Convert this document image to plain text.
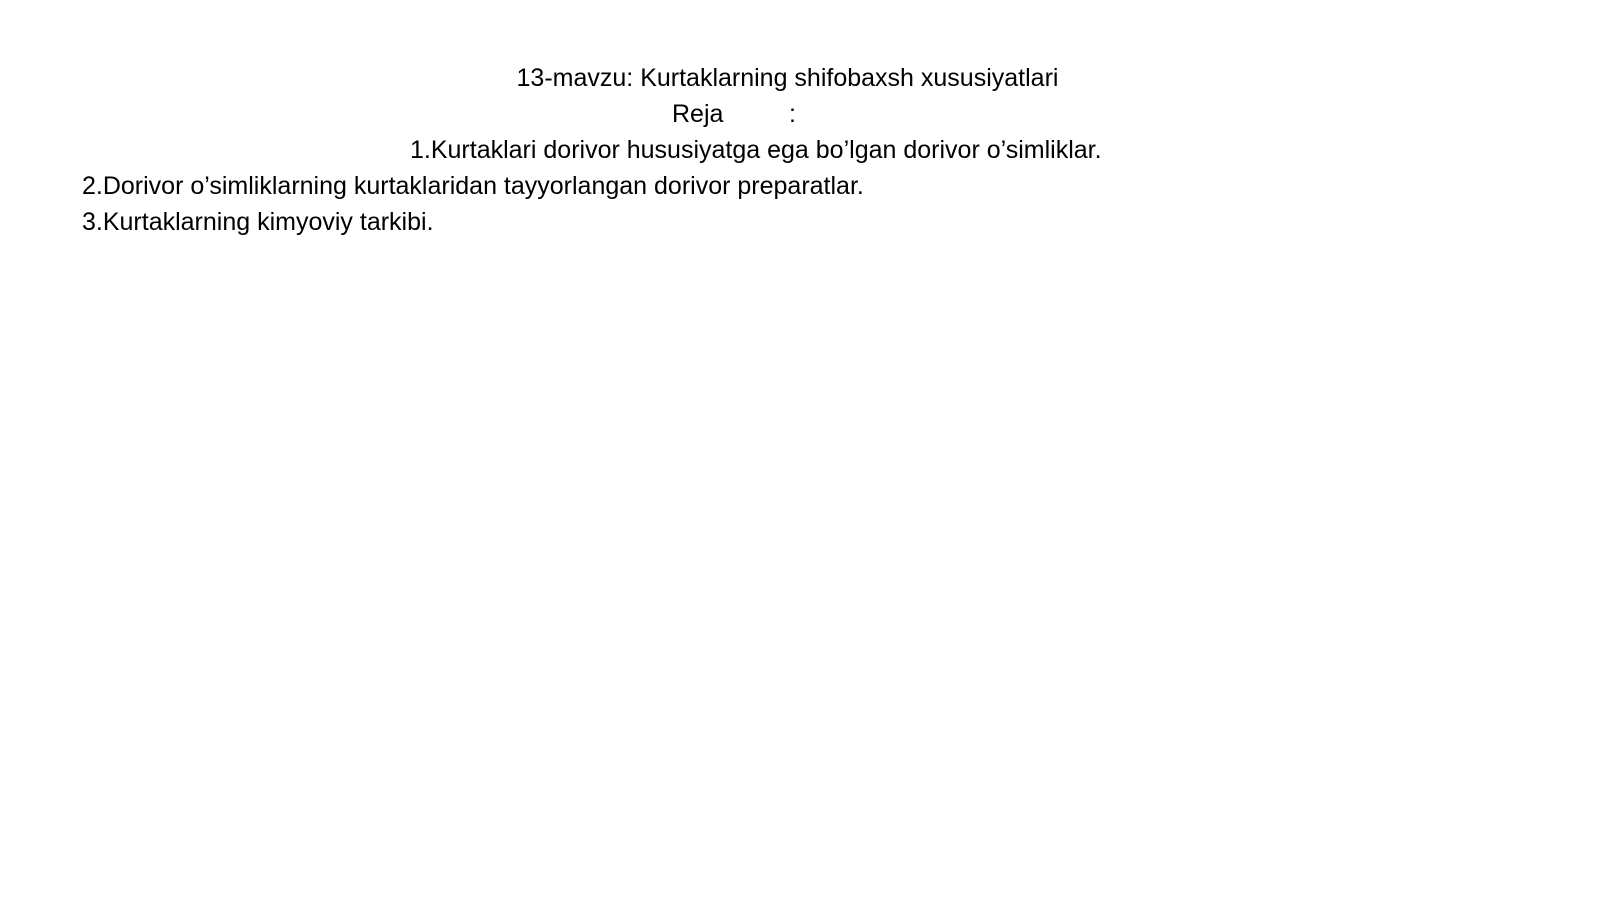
13-mavzu: Kurtaklarning shifobaxsh xususiyatlari
Reja	:
1.Kurtaklari dorivor hususiyatga ega bo’lgan dorivor o’simliklar.
2.Dorivor o’simliklarning kurtaklaridan tayyorlangan dorivor preparatlar.
3.Kurtaklarning kimyoviy tarkibi.
